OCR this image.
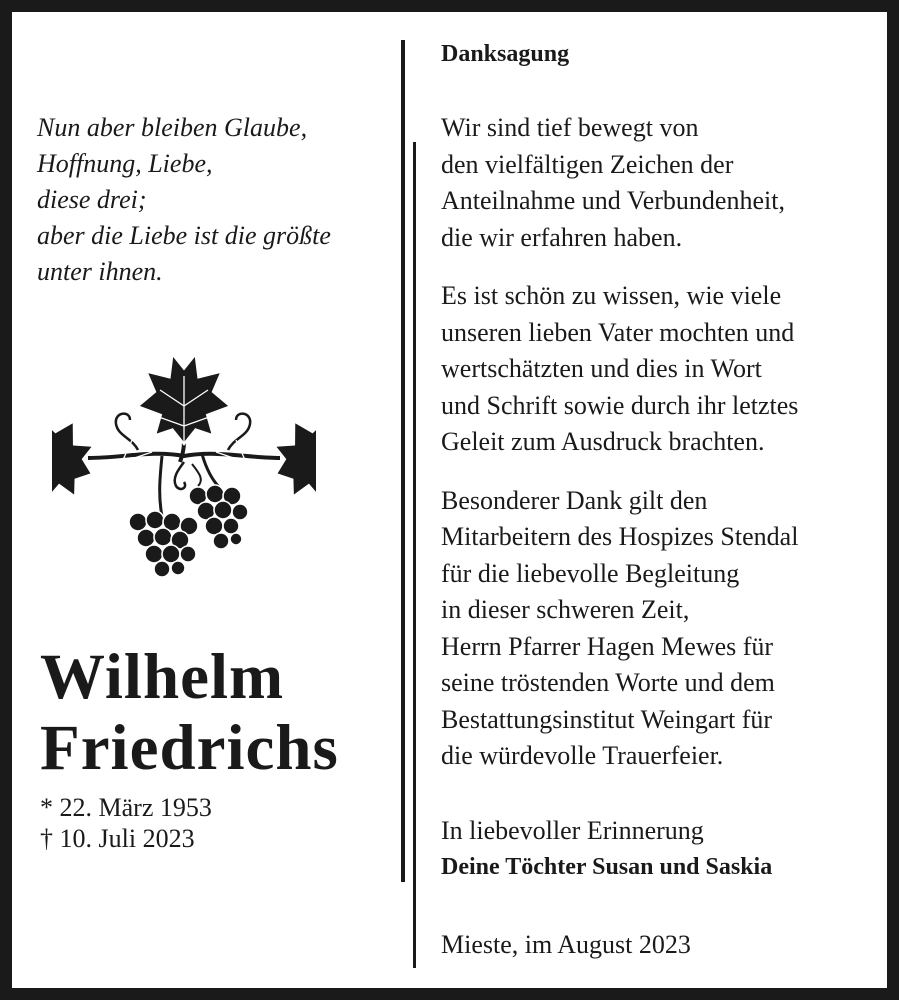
Nun aber bleiben Glaube,
Hoffnung, Liebe,
diese drei;
aber die Liebe ist die größte
unter ihnen.
Wilhelm
Friedrichs
* 22. März 1953
† 10. Juli 2023
Danksagung
Wir sind tief bewegt von
den vielfältigen Zeichen der
Anteilnahme und Verbundenheit,
die wir erfahren haben.
Es ist schön zu wissen, wie viele
unseren lieben Vater mochten und
wertschätzten und dies in Wort
und Schrift sowie durch ihr letztes
Geleit zum Ausdruck brachten.
Besonderer Dank gilt den
Mitarbeitern des Hospizes Stendal
für die liebevolle Begleitung
in dieser schweren Zeit,
Herrn Pfarrer Hagen Mewes für
seine tröstenden Worte und dem
Bestattungsinstitut Weingart für
die würdevolle Trauerfeier.
In liebevoller Erinnerung
Deine Töchter Susan und Saskia
Mieste, im August 2023
